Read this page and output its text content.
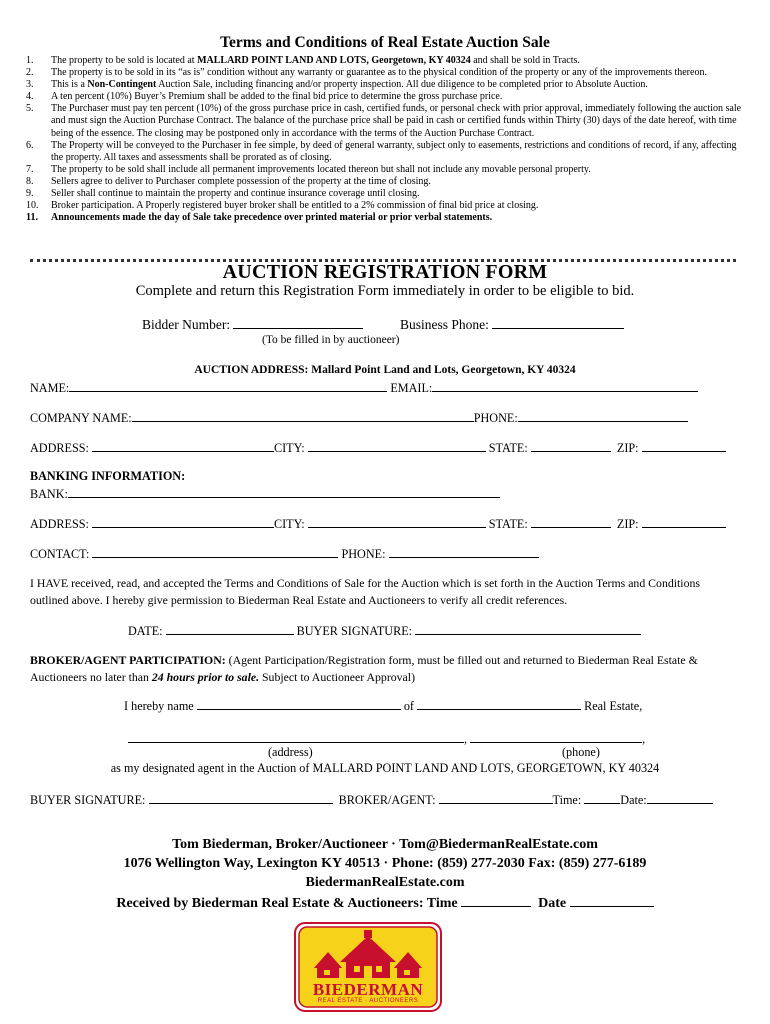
Terms and Conditions of Real Estate Auction Sale
1. The property to be sold is located at MALLARD POINT LAND AND LOTS, Georgetown, KY 40324 and shall be sold in Tracts.
2. The property is to be sold in its “as is” condition without any warranty or guarantee as to the physical condition of the property or any of the improvements thereon.
3. This is a Non-Contingent Auction Sale, including financing and/or property inspection. All due diligence to be completed prior to Absolute Auction.
4. A ten percent (10%) Buyer’s Premium shall be added to the final bid price to determine the gross purchase price.
5. The Purchaser must pay ten percent (10%) of the gross purchase price in cash, certified funds, or personal check with prior approval, immediately following the auction sale and must sign the Auction Purchase Contract. The balance of the purchase price shall be paid in cash or certified funds within Thirty (30) days of the date hereof, with time being of the essence. The closing may be postponed only in accordance with the terms of the Auction Purchase Contract.
6. The Property will be conveyed to the Purchaser in fee simple, by deed of general warranty, subject only to easements, restrictions and conditions of record, if any, affecting the property. All taxes and assessments shall be prorated as of closing.
7. The property to be sold shall include all permanent improvements located thereon but shall not include any movable personal property.
8. Sellers agree to deliver to Purchaser complete possession of the property at the time of closing.
9. Seller shall continue to maintain the property and continue insurance coverage until closing.
10. Broker participation. A Properly registered buyer broker shall be entitled to a 2% commission of final bid price at closing.
11. Announcements made the day of Sale take precedence over printed material or prior verbal statements.
AUCTION REGISTRATION FORM
Complete and return this Registration Form immediately in order to be eligible to bid.
Bidder Number:	Business Phone:
(To be filled in by auctioneer)
AUCTION ADDRESS: Mallard Point Land and Lots, Georgetown, KY 40324
NAME:	EMAIL:
COMPANY NAME:	PHONE:
ADDRESS:	CITY:	STATE:	ZIP:
BANKING INFORMATION:
BANK:
ADDRESS:	CITY:	STATE:	ZIP:
CONTACT:	PHONE:
I HAVE received, read, and accepted the Terms and Conditions of Sale for the Auction which is set forth in the Auction Terms and Conditions outlined above. I hereby give permission to Biederman Real Estate and Auctioneers to verify all credit references.
DATE:	BUYER SIGNATURE:
BROKER/AGENT PARTICIPATION: (Agent Participation/Registration form, must be filled out and returned to Biederman Real Estate & Auctioneers no later than 24 hours prior to sale. Subject to Auctioneer Approval)
I hereby name	of	Real Estate,
,	,
(address)	(phone)
as my designated agent in the Auction of MALLARD POINT LAND AND LOTS, GEORGETOWN, KY 40324
BUYER SIGNATURE:	BROKER/AGENT:	Time:	Date:
Tom Biederman, Broker/Auctioneer · Tom@BiedermanRealEstate.com
1076 Wellington Way, Lexington KY 40513 · Phone: (859) 277-2030 Fax: (859) 277-6189
BiedermanRealEstate.com
Received by Biederman Real Estate & Auctioneers: Time	Date
BIEDERMAN
REAL ESTATE · AUCTIONEERS
